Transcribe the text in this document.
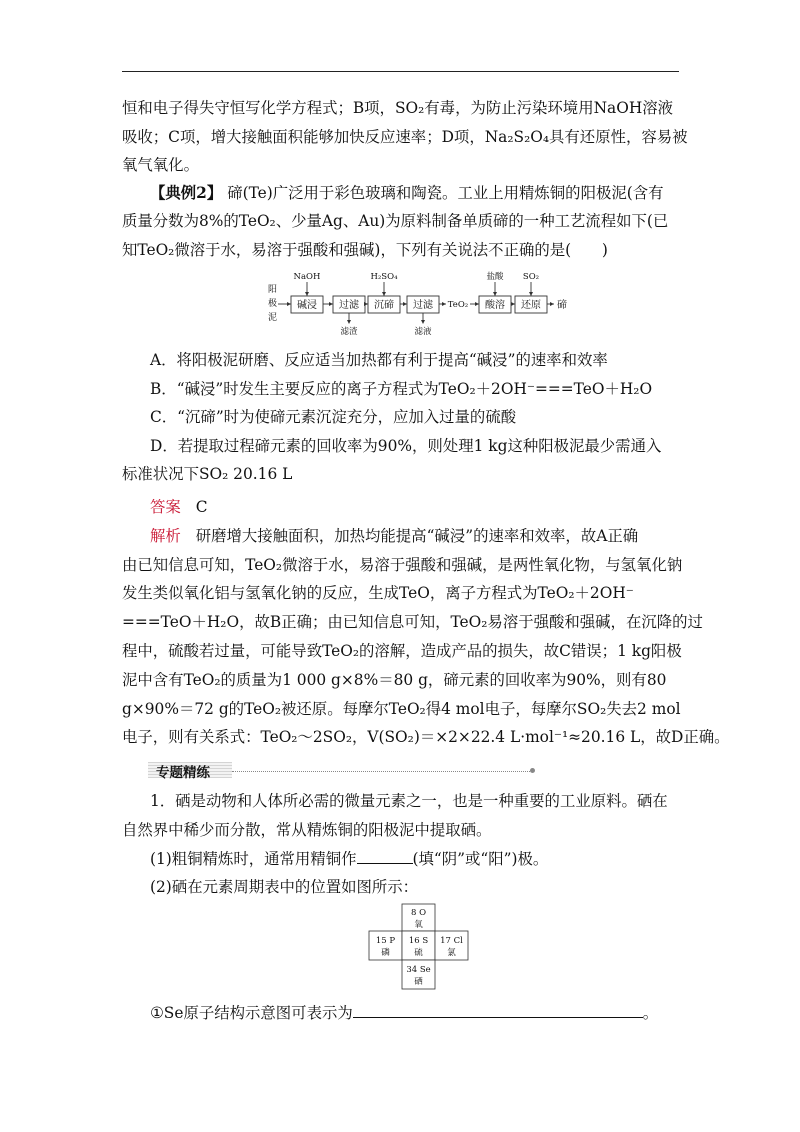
恒和电子得失守恒写化学方程式；B项，SO₂有毒，为防止污染环境用NaOH溶液
吸收；C项，增大接触面积能够加快反应速率；D项，Na₂S₂O₄具有还原性，容易被
氧气氧化。
【典例2】 碲(Te)广泛用于彩色玻璃和陶瓷。工业上用精炼铜的阳极泥(含有
质量分数为8%的TeO₂、少量Ag、Au)为原料制备单质碲的一种工艺流程如下(已
知TeO₂微溶于水，易溶于强酸和强碱)，下列有关说法不正确的是(　　)
阳
极
泥
碱浸 过滤 沉碲 过滤	酸溶 还原
NaOH	H₂SO₄	盐酸 SO₂
滤渣	滤液
TeO₂	碲
A．将阳极泥研磨、反应适当加热都有利于提高“碱浸”的速率和效率
B．“碱浸”时发生主要反应的离子方程式为TeO₂＋2OH⁻===TeO＋H₂O
C．“沉碲”时为使碲元素沉淀充分，应加入过量的硫酸
D．若提取过程碲元素的回收率为90%，则处理1 kg这种阳极泥最少需通入
标准状况下SO₂ 20.16 L
答案 C
解析 研磨增大接触面积，加热均能提高“碱浸”的速率和效率，故A正确
由已知信息可知，TeO₂微溶于水，易溶于强酸和强碱，是两性氧化物，与氢氧化钠
发生类似氧化铝与氢氧化钠的反应，生成TeO，离子方程式为TeO₂＋2OH⁻
===TeO＋H₂O，故B正确；由已知信息可知，TeO₂易溶于强酸和强碱，在沉降的过
程中，硫酸若过量，可能导致TeO₂的溶解，造成产品的损失，故C错误；1 kg阳极
泥中含有TeO₂的质量为1 000 g×8%＝80 g，碲元素的回收率为90%，则有80
g×90%＝72 g的TeO₂被还原。每摩尔TeO₂得4 mol电子，每摩尔SO₂失去2 mol
电子，则有关系式：TeO₂～2SO₂，V(SO₂)＝×2×22.4 L·mol⁻¹≈20.16 L，故D正确。
专题精练
1．硒是动物和人体所必需的微量元素之一，也是一种重要的工业原料。硒在
自然界中稀少而分散，常从精炼铜的阳极泥中提取硒。
(1)粗铜精炼时，通常用精铜作	(填“阴”或“阳”)极。
(2)硒在元素周期表中的位置如图所示：
8 O
氧
15 P
磷
16 S
硫
17 Cl
氯
34 Se
硒
①Se原子结构示意图可表示为	。
